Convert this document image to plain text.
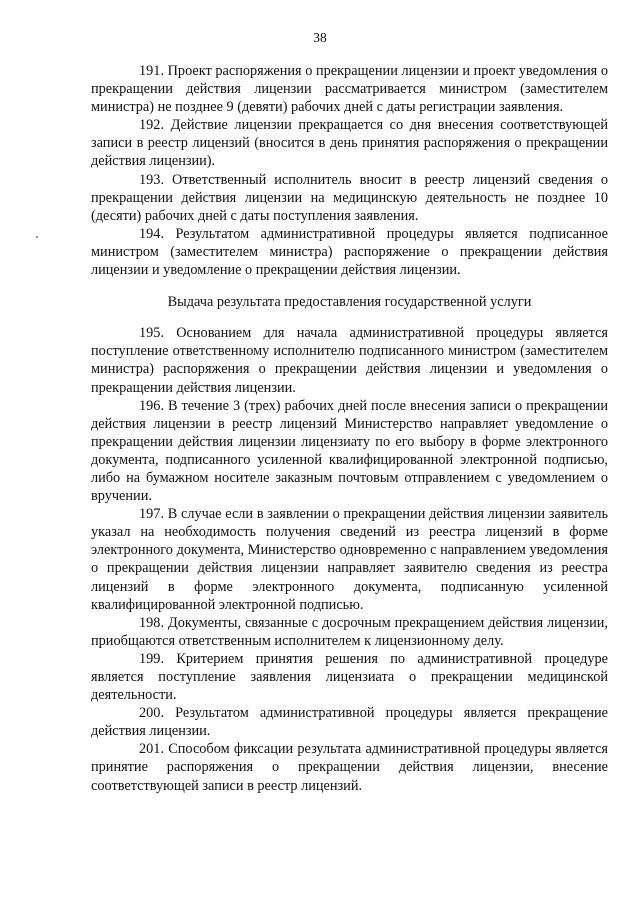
38

191. Проект распоряжения о прекращении лицензии и проект уведомления о прекращении действия лицензии рассматривается министром (заместителем министра) не позднее 9 (девяти) рабочих дней с даты регистрации заявления.

192. Действие лицензии прекращается со дня внесения соответствующей записи в реестр лицензий (вносится в день принятия распоряжения о прекращении действия лицензии).

193. Ответственный исполнитель вносит в реестр лицензий сведения о прекращении действия лицензии на медицинскую деятельность не позднее 10 (десяти) рабочих дней с даты поступления заявления.

194. Результатом административной процедуры является подписанное министром (заместителем министра) распоряжение о прекращении действия лицензии и уведомление о прекращении действия лицензии.

Выдача результата предоставления государственной услуги

195. Основанием для начала административной процедуры является поступление ответственному исполнителю подписанного министром (заместителем министра) распоряжения о прекращении действия лицензии и уведомления о прекращении действия лицензии.

196. В течение 3 (трех) рабочих дней после внесения записи о прекращении действия лицензии в реестр лицензий Министерство направляет уведомление о прекращении действия лицензии лицензиату по его выбору в форме электронного документа, подписанного усиленной квалифицированной электронной подписью, либо на бумажном носителе заказным почтовым отправлением с уведомлением о вручении.

197. В случае если в заявлении о прекращении действия лицензии заявитель указал на необходимость получения сведений из реестра лицензий в форме электронного документа, Министерство одновременно с направлением уведомления о прекращении действия лицензии направляет заявителю сведения из реестра лицензий в форме электронного документа, подписанную усиленной квалифицированной электронной подписью.

198. Документы, связанные с досрочным прекращением действия лицензии, приобщаются ответственным исполнителем к лицензионному делу.

199. Критерием принятия решения по административной процедуре является поступление заявления лицензиата о прекращении медицинской деятельности.

200. Результатом административной процедуры является прекращение действия лицензии.

201. Способом фиксации результата административной процедуры является принятие распоряжения о прекращении действия лицензии, внесение соответствующей записи в реестр лицензий.
